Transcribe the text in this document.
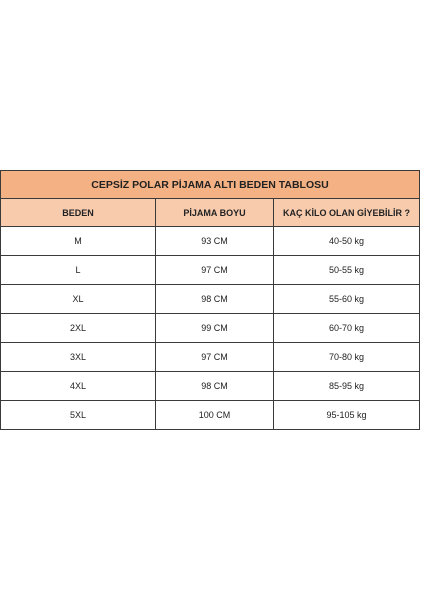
CEPSİZ POLAR PİJAMA ALTI BEDEN TABLOSU		
BEDEN	PİJAMA BOYU	KAÇ KİLO OLAN GİYEBİLİR ?
M	93 CM	40-50 kg
L	97 CM	50-55 kg
XL	98 CM	55-60 kg
2XL	99 CM	60-70 kg
3XL	97 CM	70-80 kg
4XL	98 CM	85-95 kg
5XL	100 CM	95-105 kg
